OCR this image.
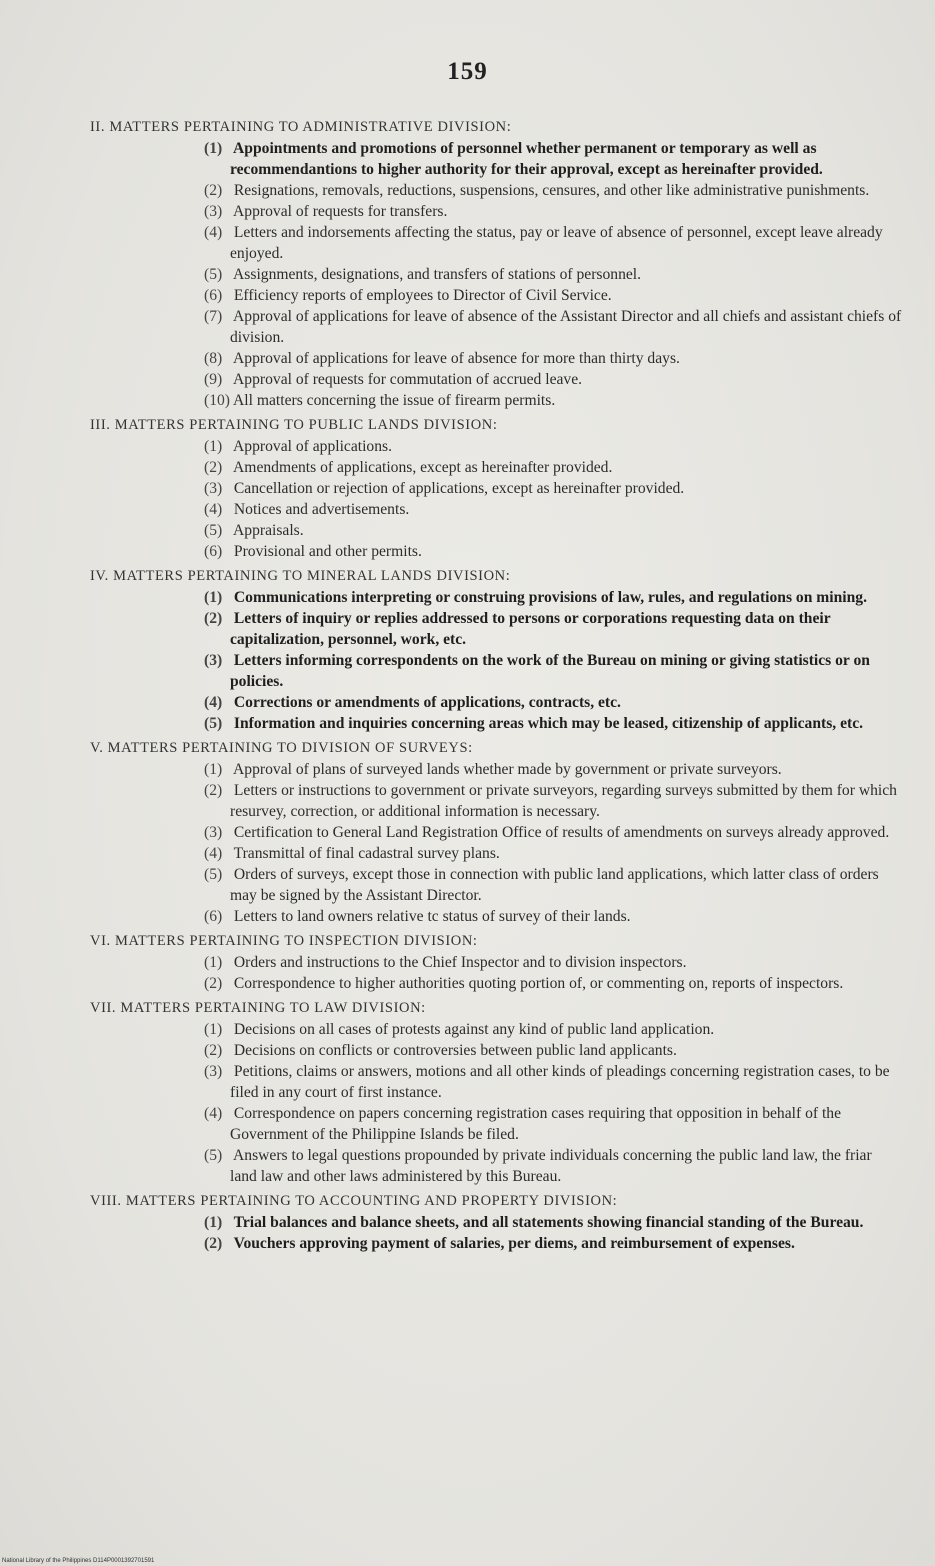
159
II. MATTERS PERTAINING TO ADMINISTRATIVE DIVISION:
(1) Appointments and promotions of personnel whether permanent or temporary as well as recommendantions to higher authority for their approval, except as hereinafter provided.
(2) Resignations, removals, reductions, suspensions, censures, and other like administrative punishments.
(3) Approval of requests for transfers.
(4) Letters and indorsements affecting the status, pay or leave of absence of personnel, except leave already enjoyed.
(5) Assignments, designations, and transfers of stations of personnel.
(6) Efficiency reports of employees to Director of Civil Service.
(7) Approval of applications for leave of absence of the Assistant Director and all chiefs and assistant chiefs of division.
(8) Approval of applications for leave of absence for more than thirty days.
(9) Approval of requests for commutation of accrued leave.
(10) All matters concerning the issue of firearm permits.
III. MATTERS PERTAINING TO PUBLIC LANDS DIVISION:
(1) Approval of applications.
(2) Amendments of applications, except as hereinafter provided.
(3) Cancellation or rejection of applications, except as hereinafter provided.
(4) Notices and advertisements.
(5) Appraisals.
(6) Provisional and other permits.
IV. MATTERS PERTAINING TO MINERAL LANDS DIVISION:
(1) Communications interpreting or construing provisions of law, rules, and regulations on mining.
(2) Letters of inquiry or replies addressed to persons or corporations requesting data on their capitalization, personnel, work, etc.
(3) Letters informing correspondents on the work of the Bureau on mining or giving statistics or on policies.
(4) Corrections or amendments of applications, contracts, etc.
(5) Information and inquiries concerning areas which may be leased, citizenship of applicants, etc.
V. MATTERS PERTAINING TO DIVISION OF SURVEYS:
(1) Approval of plans of surveyed lands whether made by government or private surveyors.
(2) Letters or instructions to government or private surveyors, regarding surveys submitted by them for which resurvey, correction, or additional information is necessary.
(3) Certification to General Land Registration Office of results of amendments on surveys already approved.
(4) Transmittal of final cadastral survey plans.
(5) Orders of surveys, except those in connection with public land applications, which latter class of orders may be signed by the Assistant Director.
(6) Letters to land owners relative tc status of survey of their lands.
VI. MATTERS PERTAINING TO INSPECTION DIVISION:
(1) Orders and instructions to the Chief Inspector and to division inspectors.
(2) Correspondence to higher authorities quoting portion of, or commenting on, reports of inspectors.
VII. MATTERS PERTAINING TO LAW DIVISION:
(1) Decisions on all cases of protests against any kind of public land application.
(2) Decisions on conflicts or controversies between public land applicants.
(3) Petitions, claims or answers, motions and all other kinds of pleadings concerning registration cases, to be filed in any court of first instance.
(4) Correspondence on papers concerning registration cases requiring that opposition in behalf of the Government of the Philippine Islands be filed.
(5) Answers to legal questions propounded by private individuals concerning the public land law, the friar land law and other laws administered by this Bureau.
VIII. MATTERS PERTAINING TO ACCOUNTING AND PROPERTY DIVISION:
(1) Trial balances and balance sheets, and all statements showing financial standing of the Bureau.
(2) Vouchers approving payment of salaries, per diems, and reimbursement of expenses.
National Library of the Philippines D114P0001392701591
